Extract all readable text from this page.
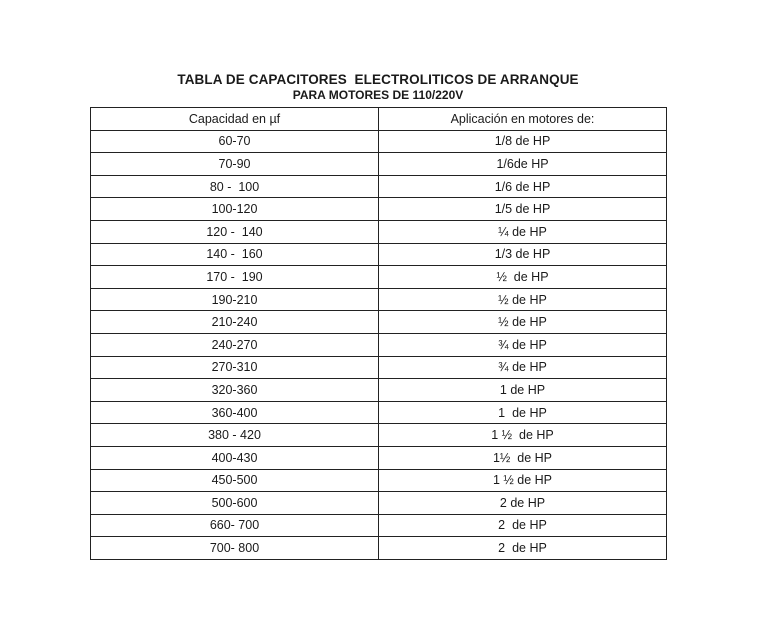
TABLA DE CAPACITORES  ELECTROLITICOS DE ARRANQUE
PARA MOTORES DE 110/220V
Capacidad en µf	Aplicación en motores de:
60-70	1/8 de HP
70-90	1/6de HP
80 -  100	1/6 de HP
100-120	1/5 de HP
120 -  140	¼ de HP
140 -  160	1/3 de HP
170 -  190	½  de HP
190-210	½ de HP
210-240	½ de HP
240-270	¾ de HP
270-310	¾ de HP
320-360	1 de HP
360-400	1  de HP
380 - 420	1 ½  de HP
400-430	1½  de HP
450-500	1 ½ de HP
500-600	2 de HP
660- 700	2  de HP
700- 800	2  de HP
